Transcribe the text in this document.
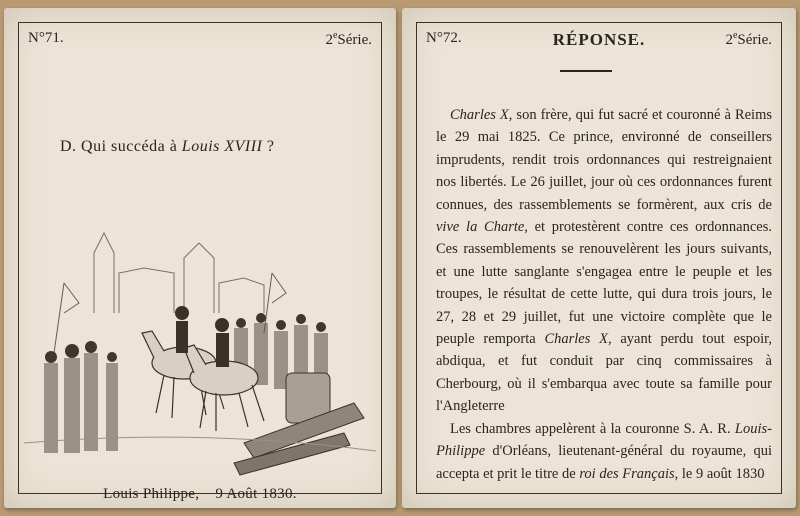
N°71.	2eSérie.
D. Qui succéda à Louis XVIII ?
Louis Philippe, 9 Août 1830.
N°72.	RÉPONSE.	2eSérie.

Charles X, son frère, qui fut sacré et couronné à Reims le 29 mai 1825. Ce prince, environné de conseillers imprudents, rendit trois ordonnances qui restreignaient nos libertés. Le 26 juillet, jour où ces ordonnances furent connues, des rassemblements se formèrent, aux cris de vive la Charte, et protestèrent contre ces ordonnances. Ces rassemblements se renouvelèrent les jours suivants, et une lutte sanglante s'engagea entre le peuple et les troupes, le résultat de cette lutte, qui dura trois jours, le 27, 28 et 29 juillet, fut une victoire complète que le peuple remporta Charles X, ayant perdu tout espoir, abdiqua, et fut conduit par cinq commissaires à Cherbourg, où il s'embarqua avec toute sa famille pour l'Angleterre

Les chambres appelèrent à la couronne S. A. R. Louis-Philippe d'Orléans, lieutenant-général du royaume, qui accepta et prit le titre de roi des Français, le 9 août 1830
